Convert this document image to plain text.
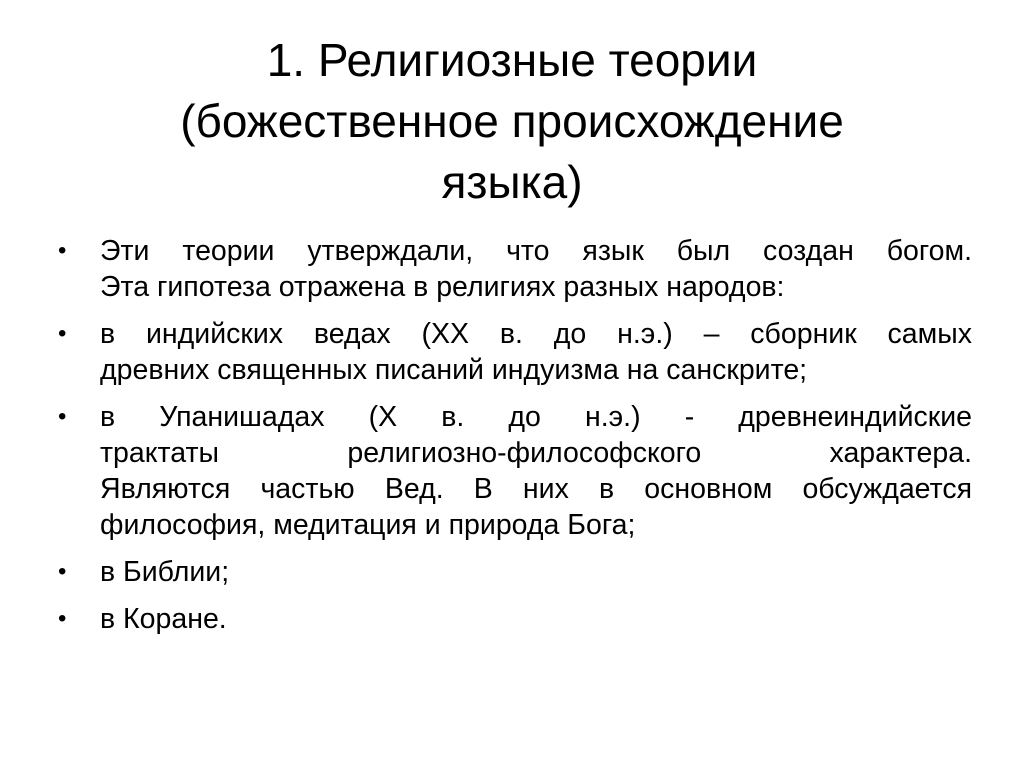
1. Религиозные теории
(божественное происхождение
языка)
• Эти теории утверждали, что язык был создан богом.
Эта гипотеза отражена в религиях разных народов:
• в индийских ведах (XX в. до н.э.) – сборник самых
древних священных писаний индуизма на санскрите;
• в Упанишадах (X в. до н.э.) - древнеиндийские
трактаты религиозно-философского характера.
Являются частью Вед. В них в основном обсуждается
философия, медитация и природа Бога;
• в Библии;
• в Коране.
